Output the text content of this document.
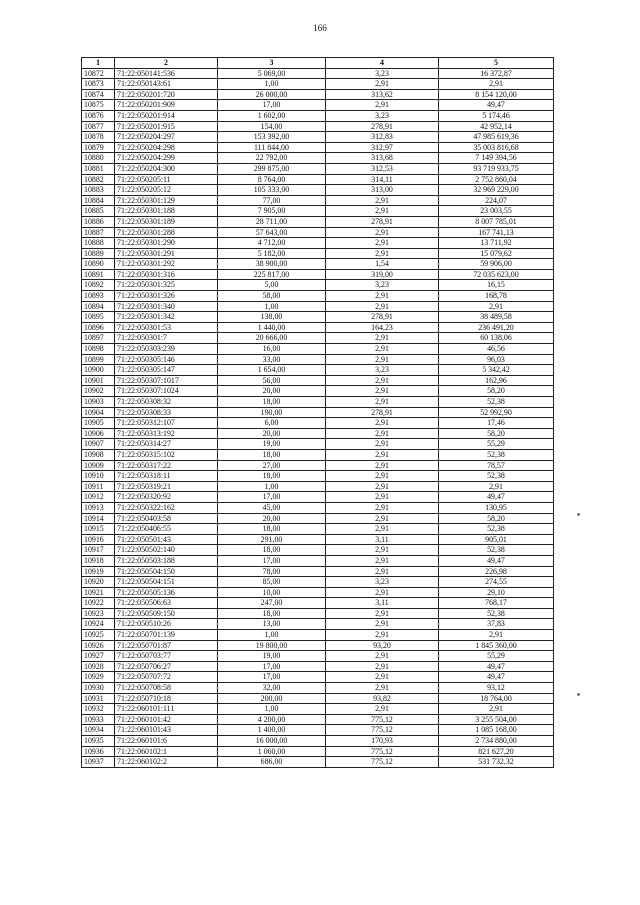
166
1	2	3	4	5
10872	71:22:050141:536	5 069,00	3,23	16 372,87
10873	71:22:050143:61	1,00	2,91	2,91
10874	71:22:050201:720	26 000,00	313,62	8 154 120,00
10875	71:22:050201:909	17,00	2,91	49,47
10876	71:22:050201:914	1 602,00	3,23	5 174,46
10877	71:22:050201:915	154,00	278,91	42 952,14
10878	71:22:050204:297	153 392,00	312,83	47 985 619,36
10879	71:22:050204:298	111 844,00	312,97	35 003 816,68
10880	71:22:050204:299	22 792,00	313,68	7 149 394,56
10881	71:22:050204:300	299 875,00	312,53	93 719 933,75
10882	71:22:050205:11	8 764,00	314,11	2 752 860,04
10883	71:22:050205:12	105 333,00	313,00	32 969 229,00
10884	71:22:050301:129	77,00	2,91	224,07
10885	71:22:050301:188	7 905,00	2,91	23 003,55
10886	71:22:050301:189	28 711,00	278,91	8 007 785,01
10887	71:22:050301:288	57 643,00	2,91	167 741,13
10888	71:22:050301:290	4 712,00	2,91	13 711,92
10889	71:22:050301:291	5 182,00	2,91	15 079,62
10890	71:22:050301:292	38 900,00	1,54	59 906,00
10891	71:22:050301:316	225 817,00	319,00	72 035 623,00
10892	71:22:050301:325	5,00	3,23	16,15
10893	71:22:050301:326	58,00	2,91	168,78
10894	71:22:050301:340	1,00	2,91	2,91
10895	71:22:050301:342	138,00	278,91	38 489,58
10896	71:22:050301:53	1 440,00	164,23	236 491,20
10897	71:22:050301:7	20 666,00	2,91	60 138,06
10898	71:22:050303:239	16,00	2,91	46,56
10899	71:22:050305:146	33,00	2,91	96,03
10900	71:22:050305:147	1 654,00	3,23	5 342,42
10901	71:22:050307:1017	56,00	2,91	162,96
10902	71:22:050307:1024	20,00	2,91	58,20
10903	71:22:050308:32	18,00	2,91	52,38
10904	71:22:050308:33	190,00	278,91	52 992,90
10905	71:22:050312:107	6,00	2,91	17,46
10906	71:22:050313:192	20,00	2,91	58,20
10907	71:22:050314:27	19,00	2,91	55,29
10908	71:22:050315:102	18,00	2,91	52,38
10909	71:22:050317:22	27,00	2,91	78,57
10910	71:22:050318:11	18,00	2,91	52,38
10911	71:22:050319:21	1,00	2,91	2,91
10912	71:22:050320:92	17,00	2,91	49,47
10913	71:22:050322:162	45,00	2,91	130,95
10914	71:22:050403:58	20,00	2,91	58,20
10915	71:22:050406:55	18,00	2,91	52,38
10916	71:22:050501:43	291,00	3,11	905,01
10917	71:22:050502:140	18,00	2,91	52,38
10918	71:22:050503:188	17,00	2,91	49,47
10919	71:22:050504:150	78,00	2,91	226,98
10920	71:22:050504:151	85,00	3,23	274,55
10921	71:22:050505:136	10,00	2,91	29,10
10922	71:22:050506:63	247,00	3,11	768,17
10923	71:22:050509:150	18,00	2,91	52,38
10924	71:22:050510:26	13,00	2,91	37,83
10925	71:22:050701:139	1,00	2,91	2,91
10926	71:22:050701:87	19 800,00	93,20	1 845 360,00
10927	71:22:050703:77	19,00	2,91	55,29
10928	71:22:050706:27	17,00	2,91	49,47
10929	71:22:050707:72	17,00	2,91	49,47
10930	71:22:050708:58	32,00	2,91	93,12
10931	71:22:050710:18	200,00	93,82	18 764,00
10932	71:22:060101:111	1,00	2,91	2,91
10933	71:22:060101:42	4 200,00	775,12	3 255 504,00
10934	71:22:060101:43	1 400,00	775,12	1 085 168,00
10935	71:22:060101:6	16 000,00	170,93	2 734 880,00
10936	71:22:060102:1	1 060,00	775,12	821 627,20
10937	71:22:060102:2	686,00	775,12	531 732,32
